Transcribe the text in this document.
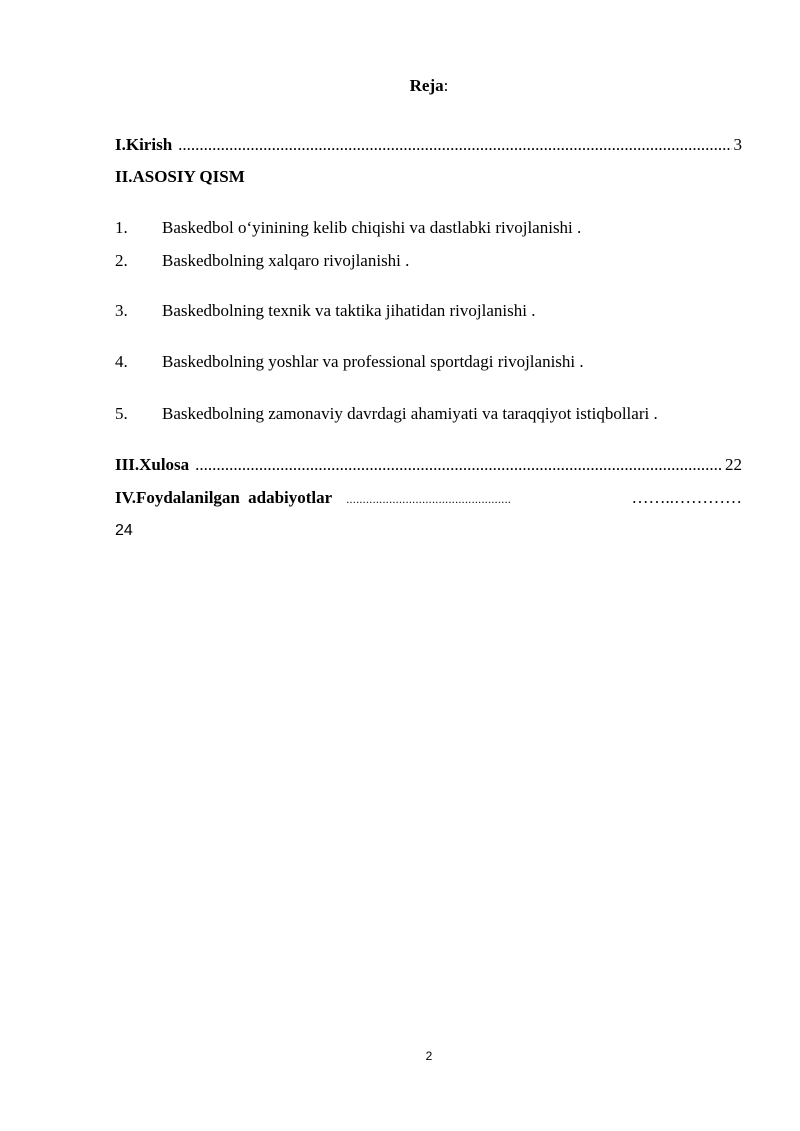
Reja:
I.Kirish .....	3
II.ASOSIY QISM
1. Baskedbol o‘yinining kelib chiqishi va dastlabki rivojlanishi .
2. Baskedbolning xalqaro rivojlanishi .
3. Baskedbolning texnik va taktika jihatidan rivojlanishi .
4. Baskedbolning yoshlar va professional sportdagi rivojlanishi .
5. Baskedbolning zamonaviy davrdagi ahamiyati va taraqqiyot istiqbollari .
III.Xulosa .....	22
IV.Foydalanilgan adabiyotlar ..................................................	……..…………
24
2
